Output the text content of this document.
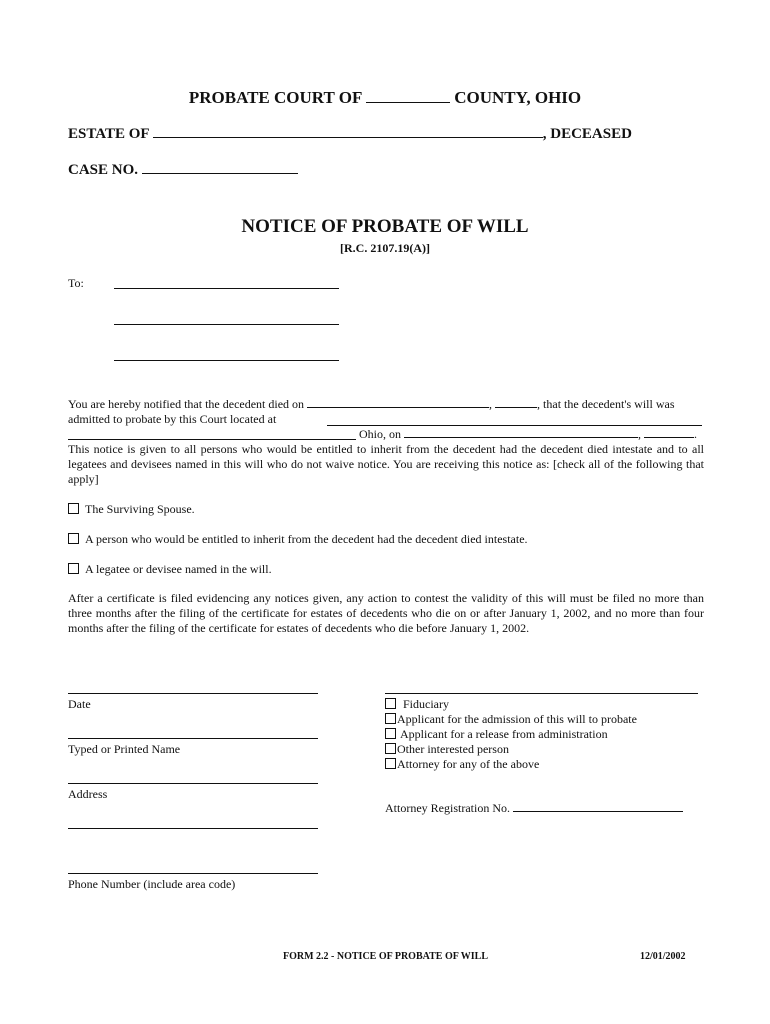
PROBATE COURT OF	COUNTY, OHIO
ESTATE OF	, DECEASED
CASE NO.
NOTICE OF PROBATE OF WILL
[R.C. 2107.19(A)]
To:
You are hereby notified that the decedent died on	,	, that the decedent's will was
admitted to probate by this Court located at
Ohio, on	,	.
This notice is given to all persons who would be entitled to inherit from the decedent had the decedent died intestate and to all legatees and devisees named in this will who do not waive notice. You are receiving this notice as: [check all of the following that apply]
The Surviving Spouse.
A person who would be entitled to inherit from the decedent had the decedent died intestate.
A legatee or devisee named in the will.
After a certificate is filed evidencing any notices given, any action to contest the validity of this will must be filed no more than three months after the filing of the certificate for estates of decedents who die on or after January 1, 2002, and no more than four months after the filing of the certificate for estates of decedents who die before January 1, 2002.
Date
Typed or Printed Name
Address
Phone Number (include area code)
Fiduciary
Applicant for the admission of this will to probate
Applicant for a release from administration
Other interested person
Attorney for any of the above
Attorney Registration No.
FORM 2.2 - NOTICE OF PROBATE OF WILL	12/01/2002
